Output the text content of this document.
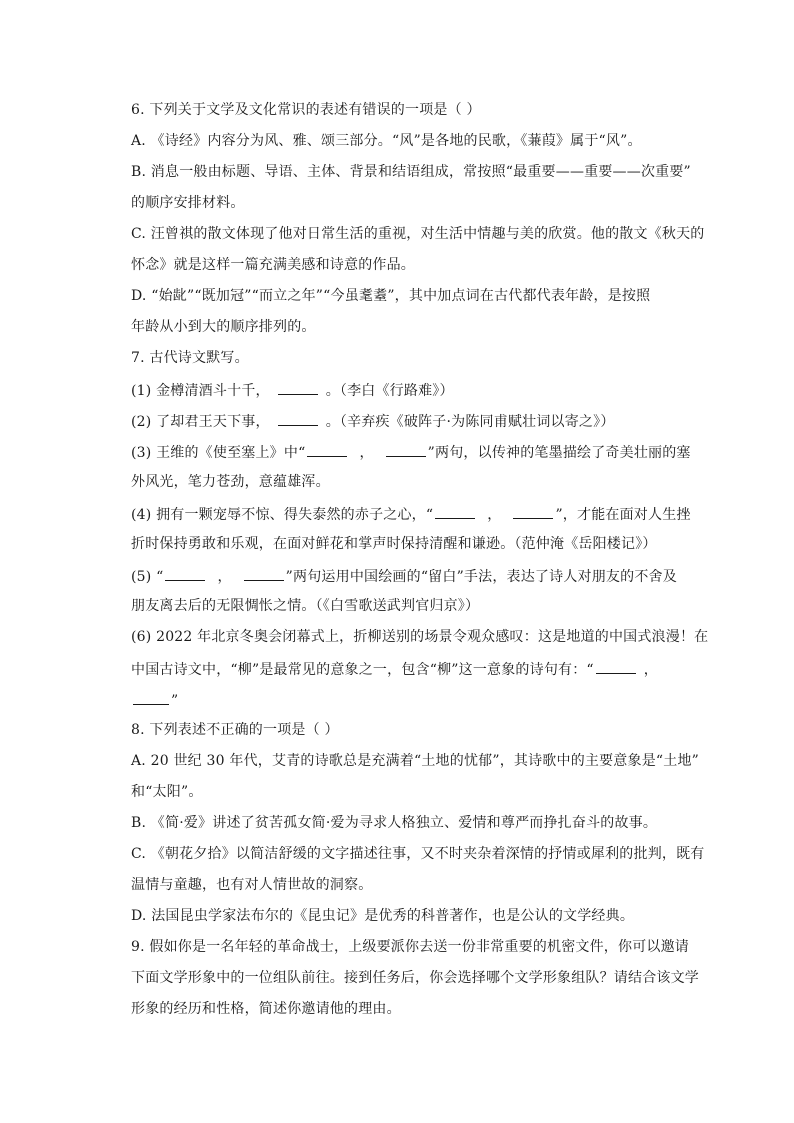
6. 下列关于文学及文化常识的表述有错误的一项是（ ）
A. 《诗经》内容分为风、雅、颂三部分。“风”是各地的民歌，《蒹葭》属于“风”。
B. 消息一般由标题、导语、主体、背景和结语组成，常按照“最重要——重要——次重要”
的顺序安排材料。
C. 汪曾祺的散文体现了他对日常生活的重视，对生活中情趣与美的欣赏。他的散文《秋天的
怀念》就是这样一篇充满美感和诗意的作品。
D. “始龀”“既加冠”“而立之年”“今虽耄耋”，其中加点词在古代都代表年龄，是按照
年龄从小到大的顺序排列的。
7. 古代诗文默写。
(1) 金樽清酒斗十千，	。（李白《行路难》）
(2) 了却君王天下事，	。（辛弃疾《破阵子·为陈同甫赋壮词以寄之》）
(3) 王维的《使至塞上》中“	，	”两句，以传神的笔墨描绘了奇美壮丽的塞
外风光，笔力苍劲，意蕴雄浑。
(4) 拥有一颗宠辱不惊、得失泰然的赤子之心，“	，	”，才能在面对人生挫
折时保持勇敢和乐观，在面对鲜花和掌声时保持清醒和谦逊。（范仲淹《岳阳楼记》）
(5) “	，	”两句运用中国绘画的“留白”手法，表达了诗人对朋友的不舍及
朋友离去后的无限惆怅之情。（《白雪歌送武判官归京》）
(6) 2022 年北京冬奥会闭幕式上，折柳送别的场景令观众感叹：这是地道的中国式浪漫！在
中国古诗文中，“柳”是最常见的意象之一，包含“柳”这一意象的诗句有：“	，
”
8. 下列表述不正确的一项是（ ）
A. 20 世纪 30 年代，艾青的诗歌总是充满着“土地的忧郁”，其诗歌中的主要意象是“土地”
和“太阳”。
B. 《简·爱》讲述了贫苦孤女简·爱为寻求人格独立、爱情和尊严而挣扎奋斗的故事。
C. 《朝花夕拾》以简洁舒缓的文字描述往事，又不时夹杂着深情的抒情或犀利的批判，既有
温情与童趣，也有对人情世故的洞察。
D. 法国昆虫学家法布尔的《昆虫记》是优秀的科普著作，也是公认的文学经典。
9. 假如你是一名年轻的革命战士，上级要派你去送一份非常重要的机密文件，你可以邀请
下面文学形象中的一位组队前往。接到任务后，你会选择哪个文学形象组队？请结合该文学
形象的经历和性格，简述你邀请他的理由。
